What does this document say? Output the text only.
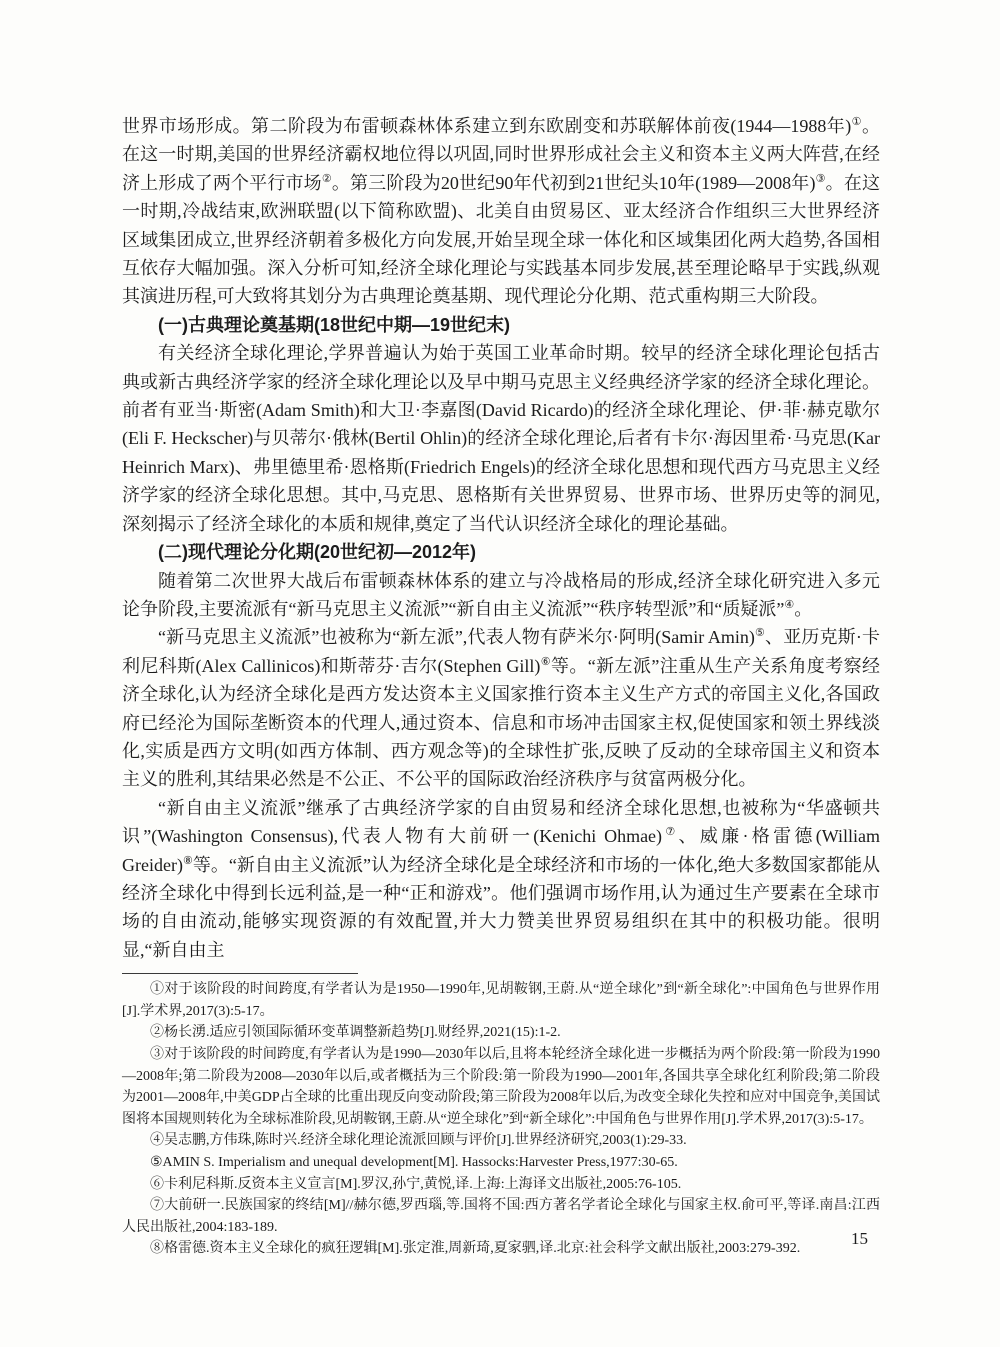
世界市场形成。第二阶段为布雷顿森林体系建立到东欧剧变和苏联解体前夜(1944—1988年)①。在这一时期,美国的世界经济霸权地位得以巩固,同时世界形成社会主义和资本主义两大阵营,在经济上形成了两个平行市场②。第三阶段为20世纪90年代初到21世纪头10年(1989—2008年)③。在这一时期,冷战结束,欧洲联盟(以下简称欧盟)、北美自由贸易区、亚太经济合作组织三大世界经济区域集团成立,世界经济朝着多极化方向发展,开始呈现全球一体化和区域集团化两大趋势,各国相互依存大幅加强。深入分析可知,经济全球化理论与实践基本同步发展,甚至理论略早于实践,纵观其演进历程,可大致将其划分为古典理论奠基期、现代理论分化期、范式重构期三大阶段。

(一)古典理论奠基期(18世纪中期—19世纪末)

有关经济全球化理论,学界普遍认为始于英国工业革命时期。较早的经济全球化理论包括古典或新古典经济学家的经济全球化理论以及早中期马克思主义经典经济学家的经济全球化理论。前者有亚当·斯密(Adam Smith)和大卫·李嘉图(David Ricardo)的经济全球化理论、伊·菲·赫克歇尔(Eli F. Heckscher)与贝蒂尔·俄林(Bertil Ohlin)的经济全球化理论,后者有卡尔·海因里希·马克思(Kar Heinrich Marx)、弗里德里希·恩格斯(Friedrich Engels)的经济全球化思想和现代西方马克思主义经济学家的经济全球化思想。其中,马克思、恩格斯有关世界贸易、世界市场、世界历史等的洞见,深刻揭示了经济全球化的本质和规律,奠定了当代认识经济全球化的理论基础。

(二)现代理论分化期(20世纪初—2012年)

随着第二次世界大战后布雷顿森林体系的建立与冷战格局的形成,经济全球化研究进入多元论争阶段,主要流派有“新马克思主义流派”“新自由主义流派”“秩序转型派”和“质疑派”④。

“新马克思主义流派”也被称为“新左派”,代表人物有萨米尔·阿明(Samir Amin)⑤、亚历克斯·卡利尼科斯(Alex Callinicos)和斯蒂芬·吉尔(Stephen Gill)⑥等。“新左派”注重从生产关系角度考察经济全球化,认为经济全球化是西方发达资本主义国家推行资本主义生产方式的帝国主义化,各国政府已经沦为国际垄断资本的代理人,通过资本、信息和市场冲击国家主权,促使国家和领土界线淡化,实质是西方文明(如西方体制、西方观念等)的全球性扩张,反映了反动的全球帝国主义和资本主义的胜利,其结果必然是不公正、不公平的国际政治经济秩序与贫富两极分化。

“新自由主义流派”继承了古典经济学家的自由贸易和经济全球化思想,也被称为“华盛顿共识”(Washington Consensus),代表人物有大前研一(Kenichi Ohmae)⑦、威廉·格雷德(William Greider)⑧等。“新自由主义流派”认为经济全球化是全球经济和市场的一体化,绝大多数国家都能从经济全球化中得到长远利益,是一种“正和游戏”。他们强调市场作用,认为通过生产要素在全球市场的自由流动,能够实现资源的有效配置,并大力赞美世界贸易组织在其中的积极功能。很明显,“新自由主

①对于该阶段的时间跨度,有学者认为是1950—1990年,见胡鞍钢,王蔚.从“逆全球化”到“新全球化”:中国角色与世界作用[J].学术界,2017(3):5-17。

②杨长湧.适应引领国际循环变革调整新趋势[J].财经界,2021(15):1-2.

③对于该阶段的时间跨度,有学者认为是1990—2030年以后,且将本轮经济全球化进一步概括为两个阶段:第一阶段为1990—2008年;第二阶段为2008—2030年以后,或者概括为三个阶段:第一阶段为1990—2001年,各国共享全球化红利阶段;第二阶段为2001—2008年,中美GDP占全球的比重出现反向变动阶段;第三阶段为2008年以后,为改变全球化失控和应对中国竞争,美国试图将本国规则转化为全球标准阶段,见胡鞍钢,王蔚.从“逆全球化”到“新全球化”:中国角色与世界作用[J].学术界,2017(3):5-17。

④吴志鹏,方伟珠,陈时兴.经济全球化理论流派回顾与评价[J].世界经济研究,2003(1):29-33.

⑤AMIN S. Imperialism and unequal development[M]. Hassocks:Harvester Press,1977:30-65.

⑥卡利尼科斯.反资本主义宣言[M].罗汉,孙宁,黄悦,译.上海:上海译文出版社,2005:76-105.

⑦大前研一.民族国家的终结[M]//赫尔德,罗西瑙,等.国将不国:西方著名学者论全球化与国家主权.俞可平,等译.南昌:江西人民出版社,2004:183-189.

⑧格雷德.资本主义全球化的疯狂逻辑[M].张定淮,周新琦,夏家驷,译.北京:社会科学文献出版社,2003:279-392.

15
